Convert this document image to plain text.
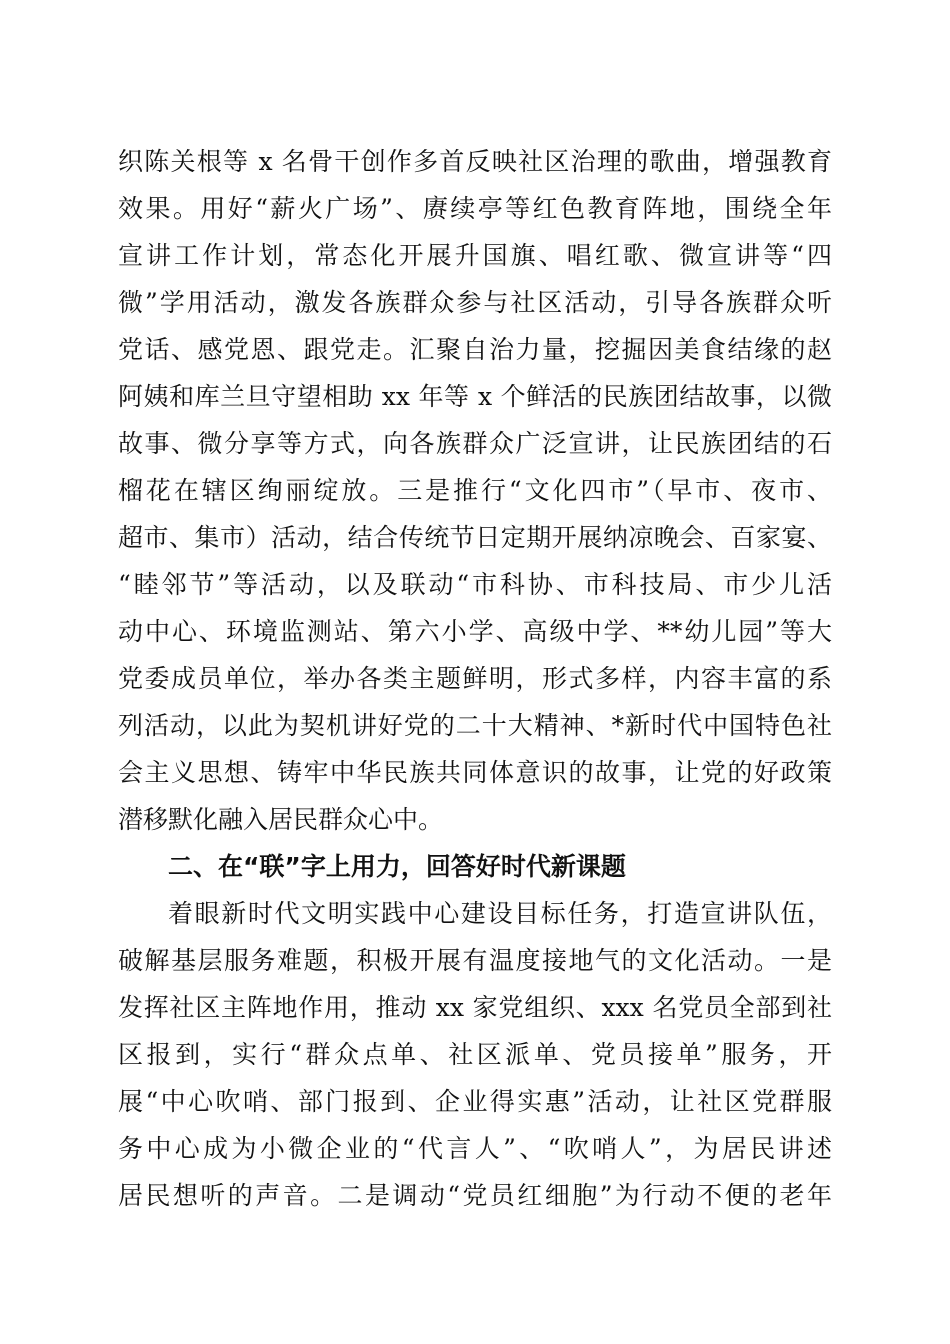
织陈关根等 x 名骨干创作多首反映社区治理的歌曲，增强教育
效果。用好“薪火广场”、赓续亭等红色教育阵地，围绕全年
宣讲工作计划，常态化开展升国旗、唱红歌、微宣讲等“四
微”学用活动，激发各族群众参与社区活动，引导各族群众听
党话、感党恩、跟党走。汇聚自治力量，挖掘因美食结缘的赵
阿姨和库兰旦守望相助 xx 年等 x 个鲜活的民族团结故事，以微
故事、微分享等方式，向各族群众广泛宣讲，让民族团结的石
榴花在辖区绚丽绽放。三是推行“文化四市”（早市、夜市、
超市、集市）活动，结合传统节日定期开展纳凉晚会、百家宴、
“睦邻节”等活动，以及联动“市科协、市科技局、市少儿活
动中心、环境监测站、第六小学、高级中学、**幼儿园”等大
党委成员单位，举办各类主题鲜明，形式多样，内容丰富的系
列活动，以此为契机讲好党的二十大精神、*新时代中国特色社
会主义思想、铸牢中华民族共同体意识的故事，让党的好政策
潜移默化融入居民群众心中。
二、在“联”字上用力，回答好时代新课题
着眼新时代文明实践中心建设目标任务，打造宣讲队伍，
破解基层服务难题，积极开展有温度接地气的文化活动。一是
发挥社区主阵地作用，推动 xx 家党组织、xxx 名党员全部到社
区报到，实行“群众点单、社区派单、党员接单”服务，开
展“中心吹哨、部门报到、企业得实惠”活动，让社区党群服
务中心成为小微企业的“代言人”、“吹哨人”，为居民讲述
居民想听的声音。二是调动“党员红细胞”为行动不便的老年
